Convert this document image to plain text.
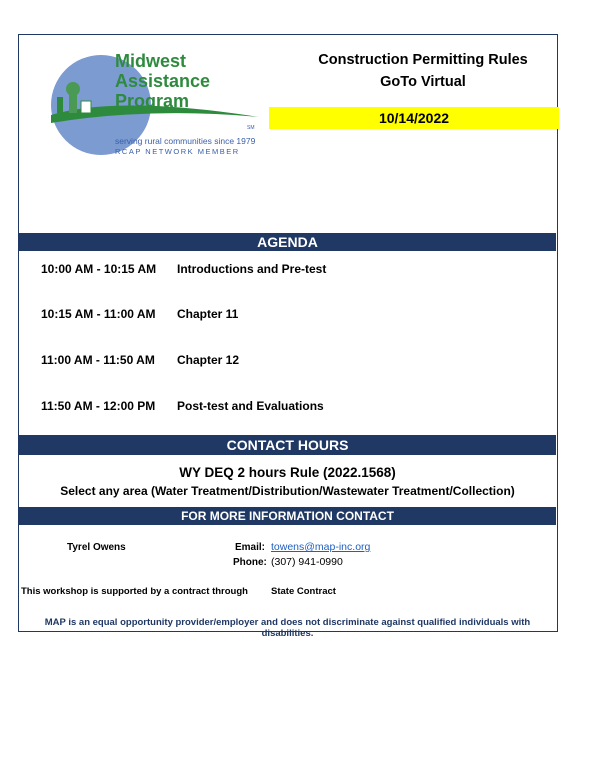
Midwest
Assistance
Program
SM
serving rural communities since 1979
RCAP NETWORK MEMBER
Construction Permitting Rules
GoTo Virtual
10/14/2022
AGENDA
10:00 AM - 10:15 AM Introductions and Pre-test
10:15 AM - 11:00 AM Chapter 11
11:00 AM - 11:50 AM Chapter 12
11:50 AM - 12:00 PM Post-test and Evaluations
CONTACT HOURS
WY DEQ 2 hours Rule (2022.1568)
Select any area (Water Treatment/Distribution/Wastewater Treatment/Collection)
FOR MORE INFORMATION CONTACT
Tyrel Owens	Email: towens@map-inc.org
Phone: (307) 941-0990
This workshop is supported by a contract through State Contract
MAP is an equal opportunity provider/employer and does not discriminate against qualified individuals with disabilities.
